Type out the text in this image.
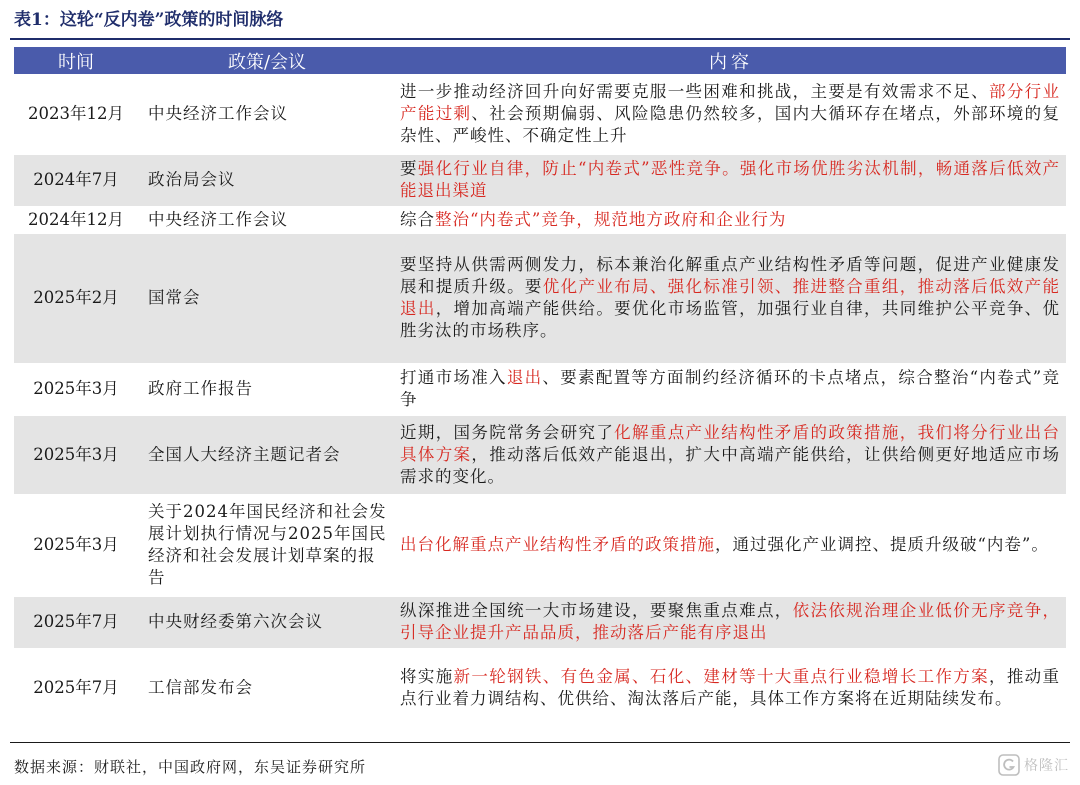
表1：这轮“反内卷”政策的时间脉络
时间	政策/会议	内容
2023年12月	中央经济工作会议	进一步推动经济回升向好需要克服一些困难和挑战，主要是有效需求不足、部分行业产能过剩、社会预期偏弱、风险隐患仍然较多，国内大循环存在堵点，外部环境的复杂性、严峻性、不确定性上升
2024年7月	政治局会议	要强化行业自律，防止“内卷式”恶性竞争。强化市场优胜劣汰机制，畅通落后低效产能退出渠道
2024年12月	中央经济工作会议	综合整治“内卷式”竞争，规范地方政府和企业行为
2025年2月	国常会	要坚持从供需两侧发力，标本兼治化解重点产业结构性矛盾等问题，促进产业健康发展和提质升级。要优化产业布局、强化标准引领、推进整合重组，推动落后低效产能退出，增加高端产能供给。要优化市场监管，加强行业自律，共同维护公平竞争、优胜劣汰的市场秩序。
2025年3月	政府工作报告	打通市场准入退出、要素配置等方面制约经济循环的卡点堵点，综合整治“内卷式”竞争
2025年3月	全国人大经济主题记者会	近期，国务院常务会研究了化解重点产业结构性矛盾的政策措施，我们将分行业出台具体方案，推动落后低效产能退出，扩大中高端产能供给，让供给侧更好地适应市场需求的变化。
2025年3月	关于2024年国民经济和社会发展计划执行情况与2025年国民经济和社会发展计划草案的报告	出台化解重点产业结构性矛盾的政策措施，通过强化产业调控、提质升级破“内卷”。
2025年7月	中央财经委第六次会议	纵深推进全国统一大市场建设，要聚焦重点难点，依法依规治理企业低价无序竞争，引导企业提升产品品质，推动落后产能有序退出
2025年7月	工信部发布会	将实施新一轮钢铁、有色金属、石化、建材等十大重点行业稳增长工作方案，推动重点行业着力调结构、优供给、淘汰落后产能，具体工作方案将在近期陆续发布。
数据来源：财联社，中国政府网，东吴证券研究所	格隆汇
